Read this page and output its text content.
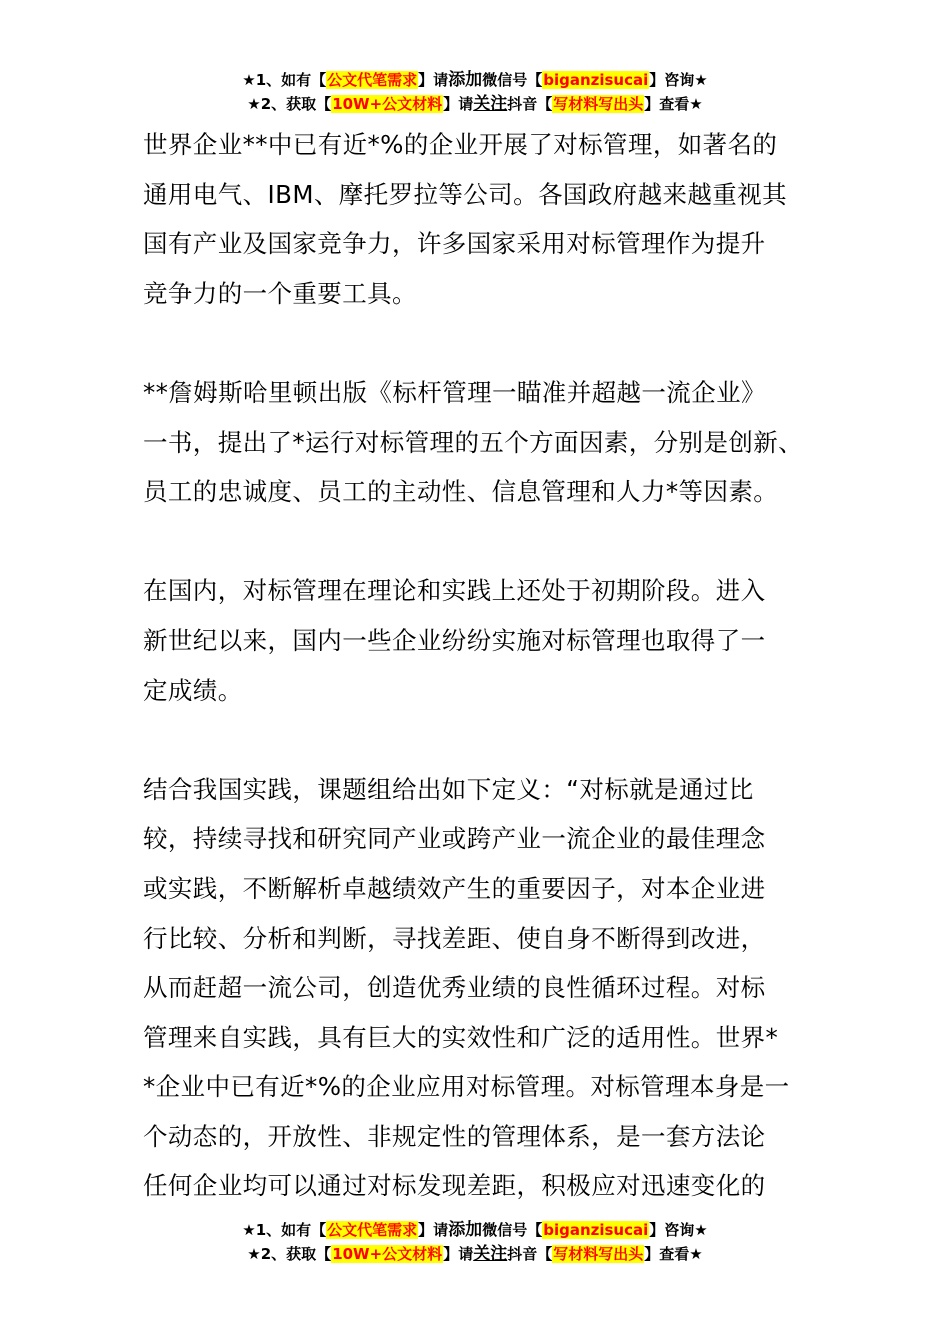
★1、如有【公文代笔需求】请添加微信号【biganzisucai】咨询★
★2、获取【10W+公文材料】请关注抖音【写材料写出头】查看★

世界企业**中已有近*%的企业开展了对标管理，如著名的
通用电气、IBM、摩托罗拉等公司。各国政府越来越重视其
国有产业及国家竞争力，许多国家采用对标管理作为提升
竞争力的一个重要工具。

**詹姆斯哈里顿出版《标杆管理一瞄准并超越一流企业》
一书，提出了*运行对标管理的五个方面因素，分别是创新、
员工的忠诚度、员工的主动性、信息管理和人力*等因素。

在国内，对标管理在理论和实践上还处于初期阶段。进入
新世纪以来，国内一些企业纷纷实施对标管理也取得了一
定成绩。

结合我国实践，课题组给出如下定义：“对标就是通过比
较，持续寻找和研究同产业或跨产业一流企业的最佳理念
或实践，不断解析卓越绩效产生的重要因子，对本企业进
行比较、分析和判断，寻找差距、使自身不断得到改进，
从而赶超一流公司，创造优秀业绩的良性循环过程。对标
管理来自实践，具有巨大的实效性和广泛的适用性。世界*
*企业中已有近*%的企业应用对标管理。对标管理本身是一
个动态的，开放性、非规定性的管理体系，是一套方法论
任何企业均可以通过对标发现差距，积极应对迅速变化的

★1、如有【公文代笔需求】请添加微信号【biganzisucai】咨询★
★2、获取【10W+公文材料】请关注抖音【写材料写出头】查看★
